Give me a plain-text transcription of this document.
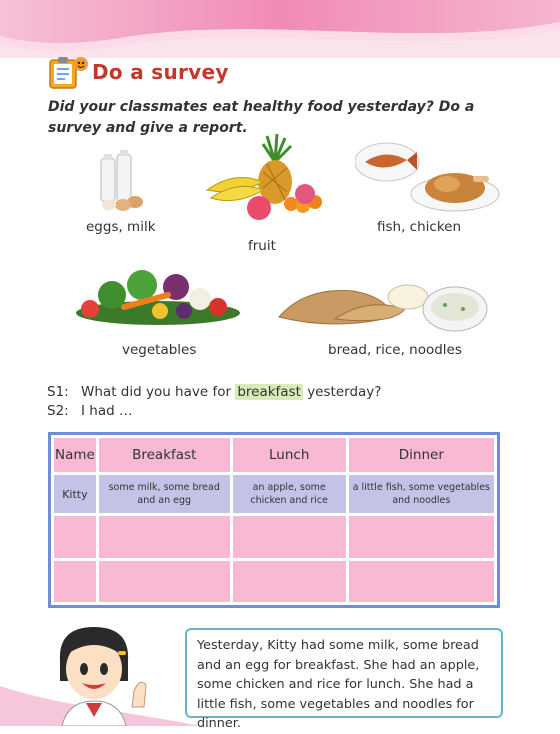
Do a survey
Did your classmates eat healthy food yesterday? Do a survey and give a report.
eggs, milk
fruit
fish, chicken
vegetables	bread, rice, noodles
S1: What did you have for breakfast yesterday?
S2: I had …
Name	Breakfast	Lunch	Dinner
Kitty	some milk, some bread and an egg	an apple, some chicken and rice	a little fish, some vegetables and noodles

Yesterday, Kitty had some milk, some bread and an egg for breakfast. She had an apple, some chicken and rice for lunch. She had a little fish, some vegetables and noodles for dinner.
